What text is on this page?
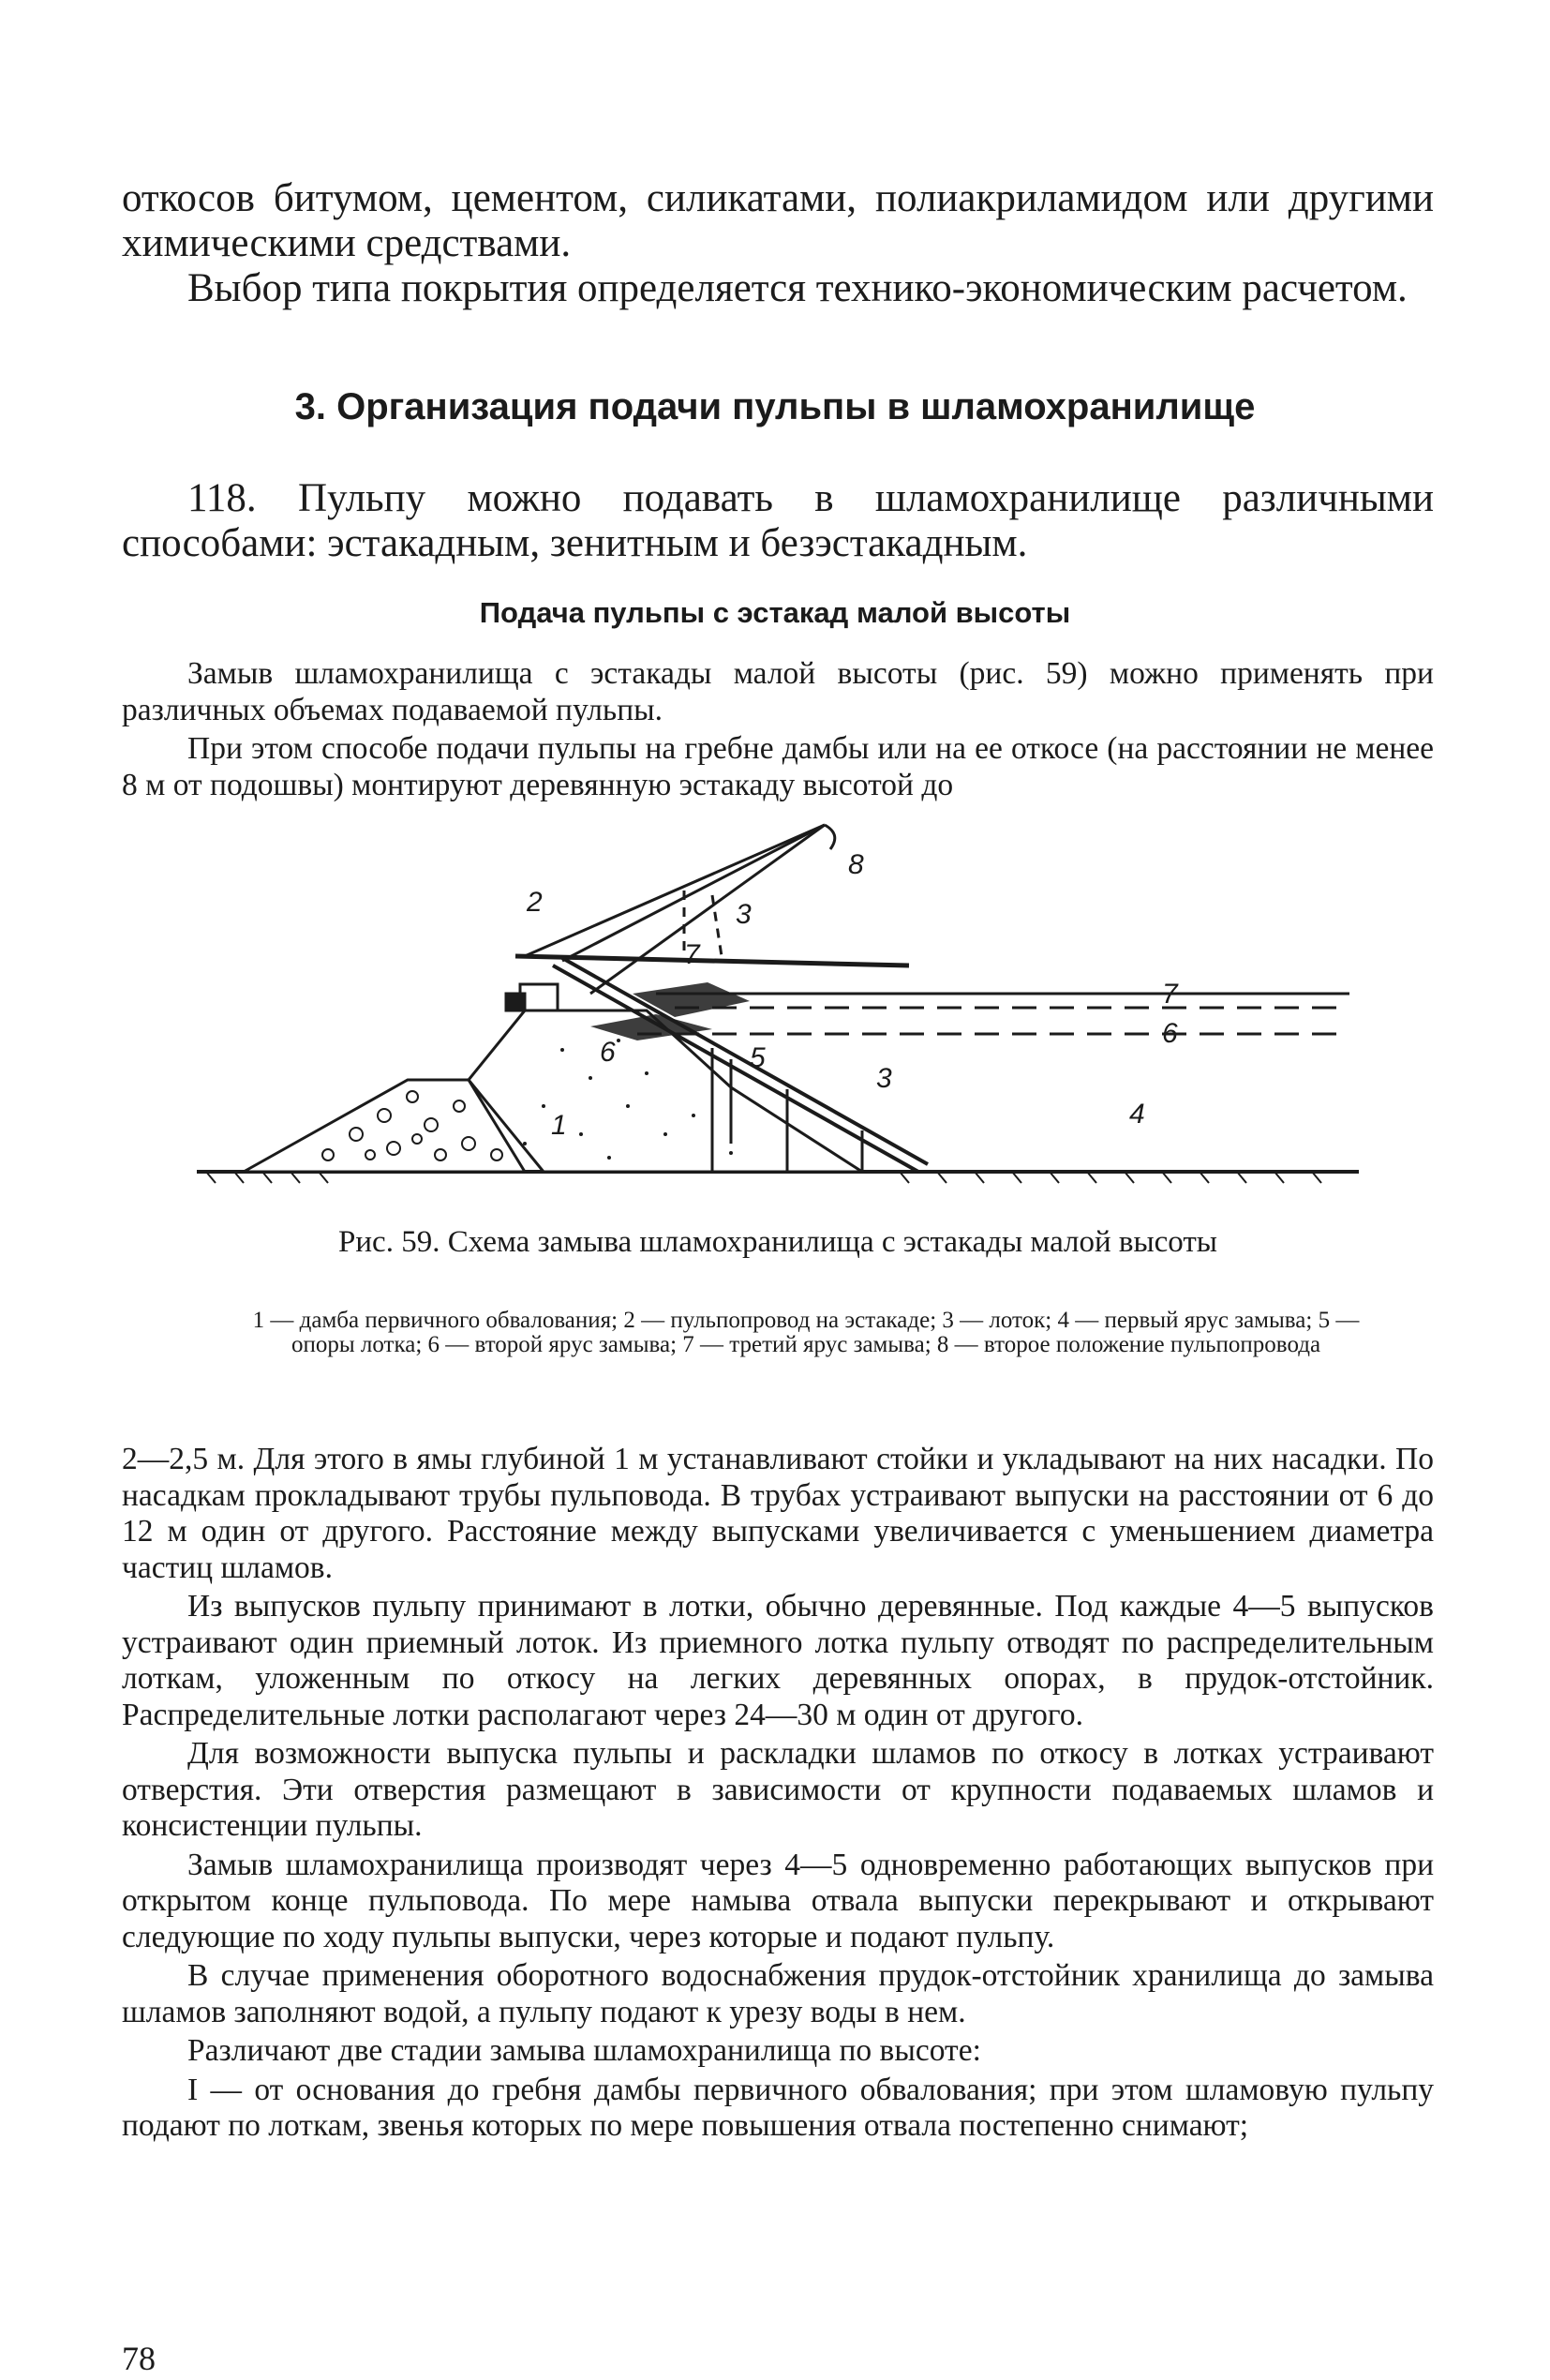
откосов битумом, цементом, силикатами, полиакриламидом или другими химическими средствами.

Выбор типа покрытия определяется технико-экономическим расчетом.

3. Организация подачи пульпы в шламохранилище

118. Пульпу можно подавать в шламохранилище различными способами: эстакадным, зенитным и безэстакадным.

Подача пульпы с эстакад малой высоты

Замыв шламохранилища с эстакады малой высоты (рис. 59) можно применять при различных объемах подаваемой пульпы.

При этом способе подачи пульпы на гребне дамбы или на ее откосе (на расстоянии не менее 8 м от подошвы) монтируют деревянную эстакаду высотой до

1
2	3
3
4
5
6
6
7
7
8
Рис. 59. Схема замыва шламохранилища с эстакады малой высоты
1 — дамба первичного обвалования; 2 — пульпопровод на эстакаде; 3 — лоток; 4 — первый ярус замыва; 5 — опоры лотка; 6 — второй ярус замыва; 7 — третий ярус замыва; 8 — второе положение пульпопровода

2—2,5 м. Для этого в ямы глубиной 1 м устанавливают стойки и укладывают на них насадки. По насадкам прокладывают трубы пульповода. В трубах устраивают выпуски на расстоянии от 6 до 12 м один от другого. Расстояние между выпусками увеличивается с уменьшением диаметра частиц шламов.

Из выпусков пульпу принимают в лотки, обычно деревянные. Под каждые 4—5 выпусков устраивают один приемный лоток. Из приемного лотка пульпу отводят по распределительным лоткам, уложенным по откосу на легких деревянных опорах, в прудок-отстойник. Распределительные лотки располагают через 24—30 м один от другого.

Для возможности выпуска пульпы и раскладки шламов по откосу в лотках устраивают отверстия. Эти отверстия размещают в зависимости от крупности подаваемых шламов и консистенции пульпы.

Замыв шламохранилища производят через 4—5 одновременно работающих выпусков при открытом конце пульповода. По мере намыва отвала выпуски перекрывают и открывают следующие по ходу пульпы выпуски, через которые и подают пульпу.

В случае применения оборотного водоснабжения прудок-отстойник хранилища до замыва шламов заполняют водой, а пульпу подают к урезу воды в нем.

Различают две стадии замыва шламохранилища по высоте:

I — от основания до гребня дамбы первичного обвалования; при этом шламовую пульпу подают по лоткам, звенья которых по мере повышения отвала постепенно снимают;

78
